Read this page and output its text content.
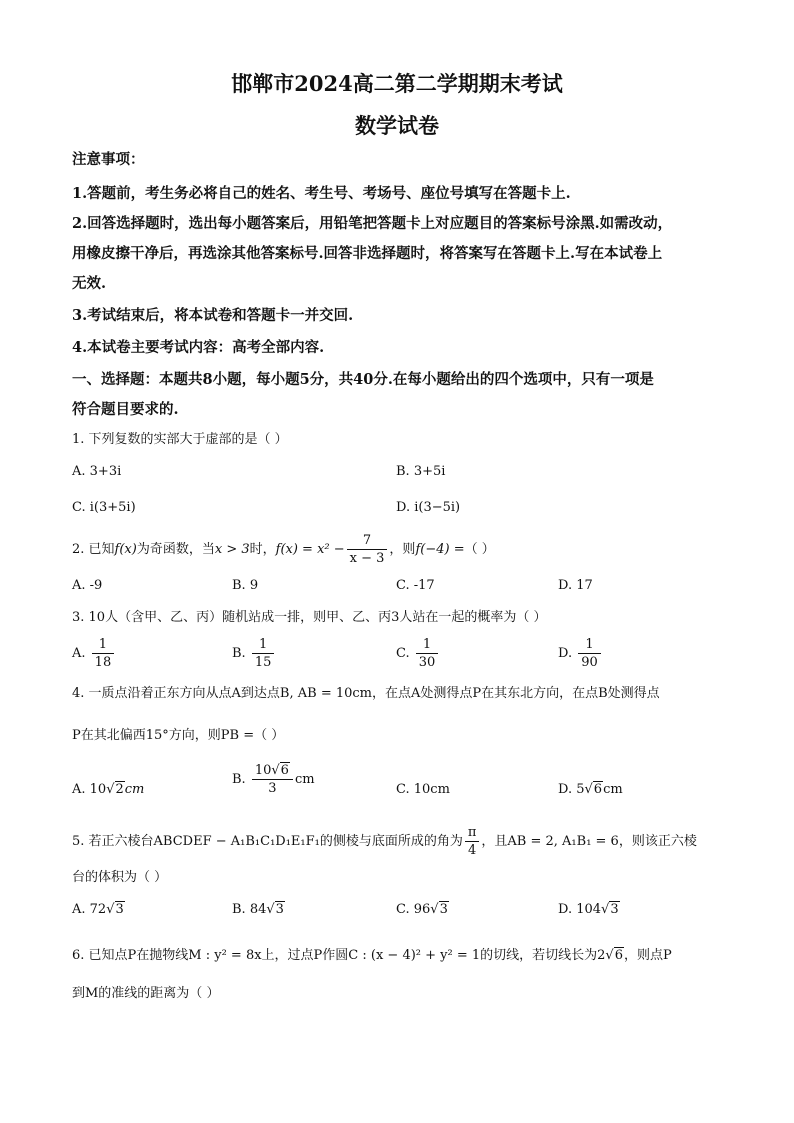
邯郸市2024高二第二学期期末考试
数学试卷
注意事项：
1.答题前，考生务必将自己的姓名、考生号、考场号、座位号填写在答题卡上.
2.回答选择题时，选出每小题答案后，用铅笔把答题卡上对应题目的答案标号涂黑.如需改动，
用橡皮擦干净后，再选涂其他答案标号.回答非选择题时，将答案写在答题卡上.写在本试卷上
无效.
3.考试结束后，将本试卷和答题卡一并交回.
4.本试卷主要考试内容：高考全部内容.
一、选择题：本题共8小题，每小题5分，共40分.在每小题给出的四个选项中，只有一项是
符合题目要求的.
1. 下列复数的实部大于虚部的是（ ）
A. 3+3i	B. 3+5i
C. i(3+5i)	D. i(3−5i)
2. 已知f(x)为奇函数，当x > 3时，$f(x) = x^2 - \frac{7}{x - 3}$ ，则f(−4) =（ ）
A. -9	B. 9	C. -17	D. 17
3. 10人（含甲、乙、丙）随机站成一排，则甲、乙、丙3人站在一起的概率为（ ）
A. $\frac{1}{18}$	B. $\frac{1}{15}$	C. $\frac{1}{30}$	D. $\frac{1}{90}$
4. 一质点沿着正东方向从点A到达点B, AB = 10cm，在点A处测得点P在其东北方向，在点B处测得点
P在其北偏西15°方向，则PB =（ ）
A. 10√2cm
B. $\frac{10√6}{3}$ cm
C. 10cm	D. 5√6cm
5. 若正六棱台ABCDEF − A₁B₁C₁D₁E₁F₁的侧棱与底面所成的角为 $\frac{\pi}{4}$ ，且AB = 2, A₁B₁ = 6，则该正六棱
台的体积为（ ）
A. 72√3	B. 84√3	C. 96√3	D. 104√3
6. 已知点P在抛物线M : y² = 8x上，过点P作圆C : (x − 4)² + y² = 1的切线，若切线长为2√6，则点P
到M的准线的距离为（ ）
